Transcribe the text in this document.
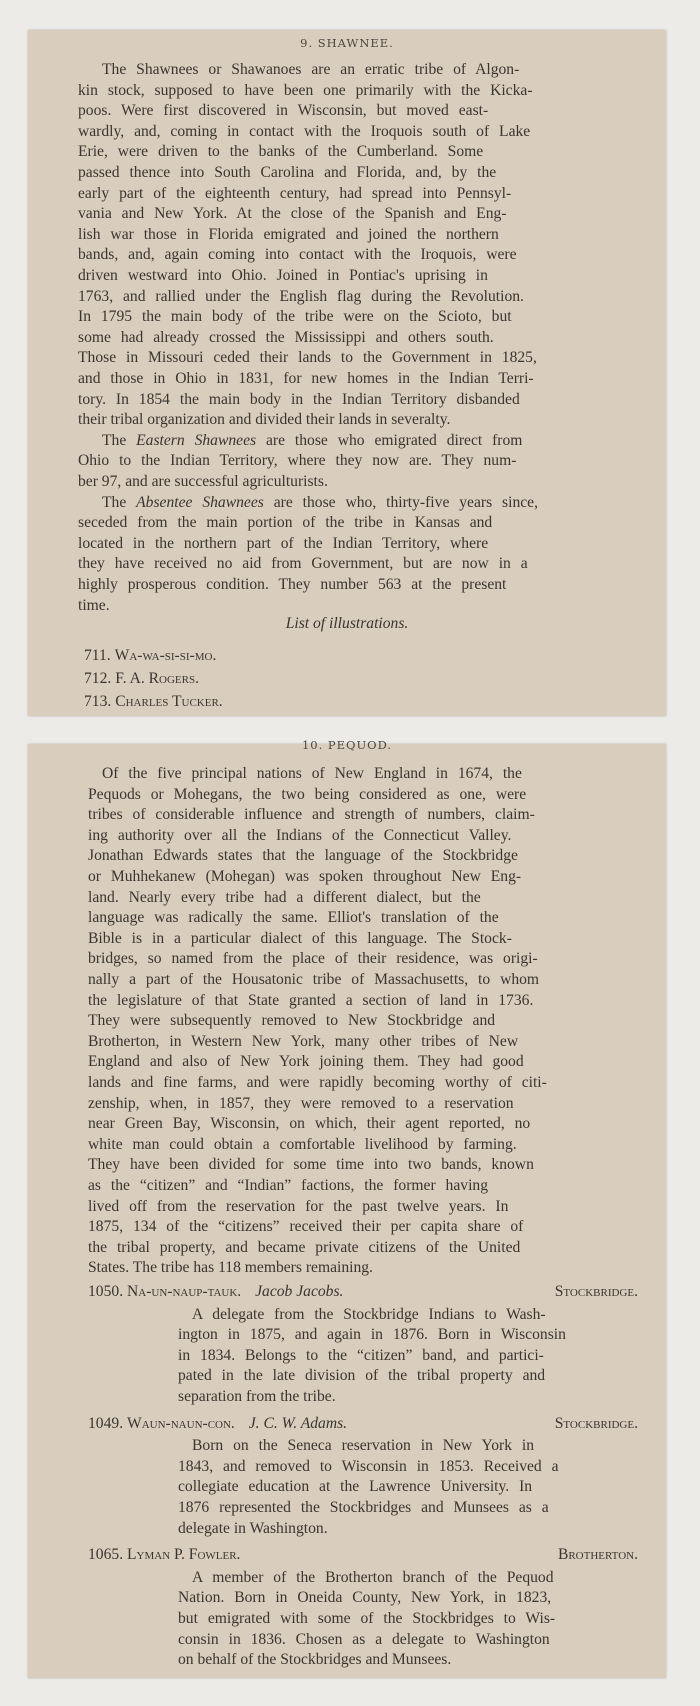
9. SHAWNEE.
The Shawnees or Shawanoes are an erratic tribe of Algon-
kin stock, supposed to have been one primarily with the Kicka-
poos. Were first discovered in Wisconsin, but moved east-
wardly, and, coming in contact with the Iroquois south of Lake
Erie, were driven to the banks of the Cumberland. Some
passed thence into South Carolina and Florida, and, by the
early part of the eighteenth century, had spread into Pennsyl-
vania and New York. At the close of the Spanish and Eng-
lish war those in Florida emigrated and joined the northern
bands, and, again coming into contact with the Iroquois, were
driven westward into Ohio. Joined in Pontiac's uprising in
1763, and rallied under the English flag during the Revolution.
In 1795 the main body of the tribe were on the Scioto, but
some had already crossed the Mississippi and others south.
Those in Missouri ceded their lands to the Government in 1825,
and those in Ohio in 1831, for new homes in the Indian Terri-
tory. In 1854 the main body in the Indian Territory disbanded
their tribal organization and divided their lands in severalty.
The Eastern Shawnees are those who emigrated direct from
Ohio to the Indian Territory, where they now are. They num-
ber 97, and are successful agriculturists.
The Absentee Shawnees are those who, thirty-five years since,
seceded from the main portion of the tribe in Kansas and
located in the northern part of the Indian Territory, where
they have received no aid from Government, but are now in a
highly prosperous condition. They number 563 at the present
time.
List of illustrations.
711. Wa-wa-si-si-mo.
712. F. A. Rogers.
713. Charles Tucker.
10. PEQUOD.
Of the five principal nations of New England in 1674, the
Pequods or Mohegans, the two being considered as one, were
tribes of considerable influence and strength of numbers, claim-
ing authority over all the Indians of the Connecticut Valley.
Jonathan Edwards states that the language of the Stockbridge
or Muhhekanew (Mohegan) was spoken throughout New Eng-
land. Nearly every tribe had a different dialect, but the
language was radically the same. Elliot's translation of the
Bible is in a particular dialect of this language. The Stock-
bridges, so named from the place of their residence, was origi-
nally a part of the Housatonic tribe of Massachusetts, to whom
the legislature of that State granted a section of land in 1736.
They were subsequently removed to New Stockbridge and
Brotherton, in Western New York, many other tribes of New
England and also of New York joining them. They had good
lands and fine farms, and were rapidly becoming worthy of citi-
zenship, when, in 1857, they were removed to a reservation
near Green Bay, Wisconsin, on which, their agent reported, no
white man could obtain a comfortable livelihood by farming.
They have been divided for some time into two bands, known
as the “citizen” and “Indian” factions, the former having
lived off from the reservation for the past twelve years. In
1875, 134 of the “citizens” received their per capita share of
the tribal property, and became private citizens of the United
States. The tribe has 118 members remaining.
1050. Na-un-naup-tauk. Jacob Jacobs.	Stockbridge.
A delegate from the Stockbridge Indians to Wash-
ington in 1875, and again in 1876. Born in Wisconsin
in 1834. Belongs to the “citizen” band, and partici-
pated in the late division of the tribal property and
separation from the tribe.
1049. Waun-naun-con. J. C. W. Adams.	Stockbridge.
Born on the Seneca reservation in New York in
1843, and removed to Wisconsin in 1853. Received a
collegiate education at the Lawrence University. In
1876 represented the Stockbridges and Munsees as a
delegate in Washington.
1065. Lyman P. Fowler.	Brotherton.
A member of the Brotherton branch of the Pequod
Nation. Born in Oneida County, New York, in 1823,
but emigrated with some of the Stockbridges to Wis-
consin in 1836. Chosen as a delegate to Washington
on behalf of the Stockbridges and Munsees.
